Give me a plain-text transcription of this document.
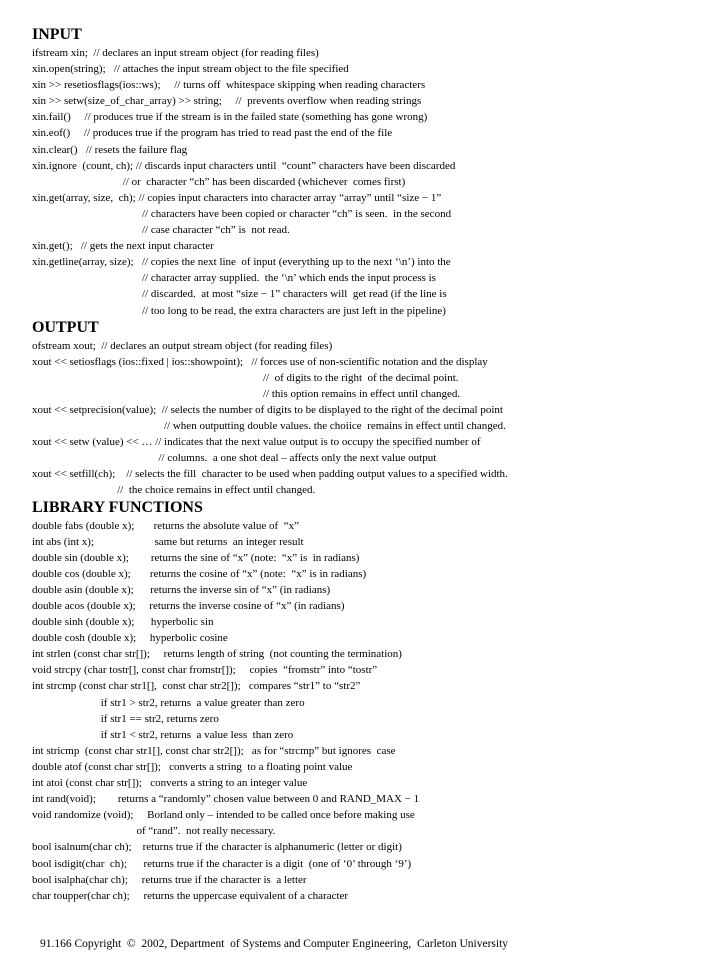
INPUT
ifstream xin;  // declares an input stream object (for reading files)
xin.open(string);   // attaches the input stream object to the file specified
xin >> resetiosflags(ios::ws);     // turns off  whitespace skipping when reading characters
xin >> setw(size_of_char_array) >> string;     //  prevents overflow when reading strings
xin.fail()     // produces true if the stream is in the failed state (something has gone wrong)
xin.eof()     // produces true if the program has tried to read past the end of the file
xin.clear()   // resets the failure flag
xin.ignore  (count, ch); // discards input characters until  “count” characters have been discarded
// or  character “ch” has been discarded (whichever  comes first)
xin.get(array, size,  ch); // copies input characters into character array “array” until “size − 1”
// characters have been copied or character “ch” is seen.  in the second
// case character “ch” is  not read.
xin.get();   // gets the next input character
xin.getline(array, size);   // copies the next line  of input (everything up to the next ‘\n’) into the
// character array supplied.  the ‘\n’ which ends the input process is
// discarded.  at most “size − 1” characters will  get read (if the line is
// too long to be read, the extra characters are just left in the pipeline)
OUTPUT
ofstream xout;  // declares an output stream object (for reading files)
xout << setiosflags (ios::fixed | ios::showpoint);   // forces use of non-scientific notation and the display
//  of digits to the right  of the decimal point.
// this option remains in effect until changed.
xout << setprecision(value);  // selects the number of digits to be displayed to the right of the decimal point
// when outputting double values. the choiice  remains in effect until changed.
xout << setw (value) << … // indicates that the next value output is to occupy the specified number of
// columns.  a one shot deal – affects only the next value output
xout << setfill(ch);    // selects the fill  character to be used when padding output values to a specified width.
//  the choice remains in effect until changed.
LIBRARY FUNCTIONS
double fabs (double x);       returns the absolute value of  “x”
int abs (int x);                      same but returns  an integer result
double sin (double x);        returns the sine of “x” (note:  “x” is  in radians)
double cos (double x);       returns the cosine of “x” (note:  “x” is in radians)
double asin (double x);      returns the inverse sin of “x” (in radians)
double acos (double x);     returns the inverse cosine of “x” (in radians)
double sinh (double x);      hyperbolic sin
double cosh (double x);     hyperbolic cosine
int strlen (const char str[]);     returns length of string  (not counting the termination)
void strcpy (char tostr[], const char fromstr[]);     copies  “fromstr” into “tostr”
int strcmp (const char str1[],  const char str2[]);   compares “str1” to “str2”
if str1 > str2, returns  a value greater than zero
if str1 == str2, returns zero
if str1 < str2, returns  a value less  than zero
int stricmp  (const char str1[], const char str2[]);   as for “strcmp” but ignores  case
double atof (const char str[]);   converts a string  to a floating point value
int atoi (const char str[]);   converts a string to an integer value
int rand(void);        returns a “randomly” chosen value between 0 and RAND_MAX − 1
void randomize (void);     Borland only – intended to be called once before making use
of “rand”.  not really necessary.
bool isalnum(char ch);    returns true if the character is alphanumeric (letter or digit)
bool isdigit(char  ch);      returns true if the character is a digit  (one of ‘0’ through ‘9’)
bool isalpha(char ch);     returns true if the character is  a letter
char toupper(char ch);     returns the uppercase equivalent of a character
91.166 Copyright  ©  2002, Department  of Systems and Computer Engineering,  Carleton University
